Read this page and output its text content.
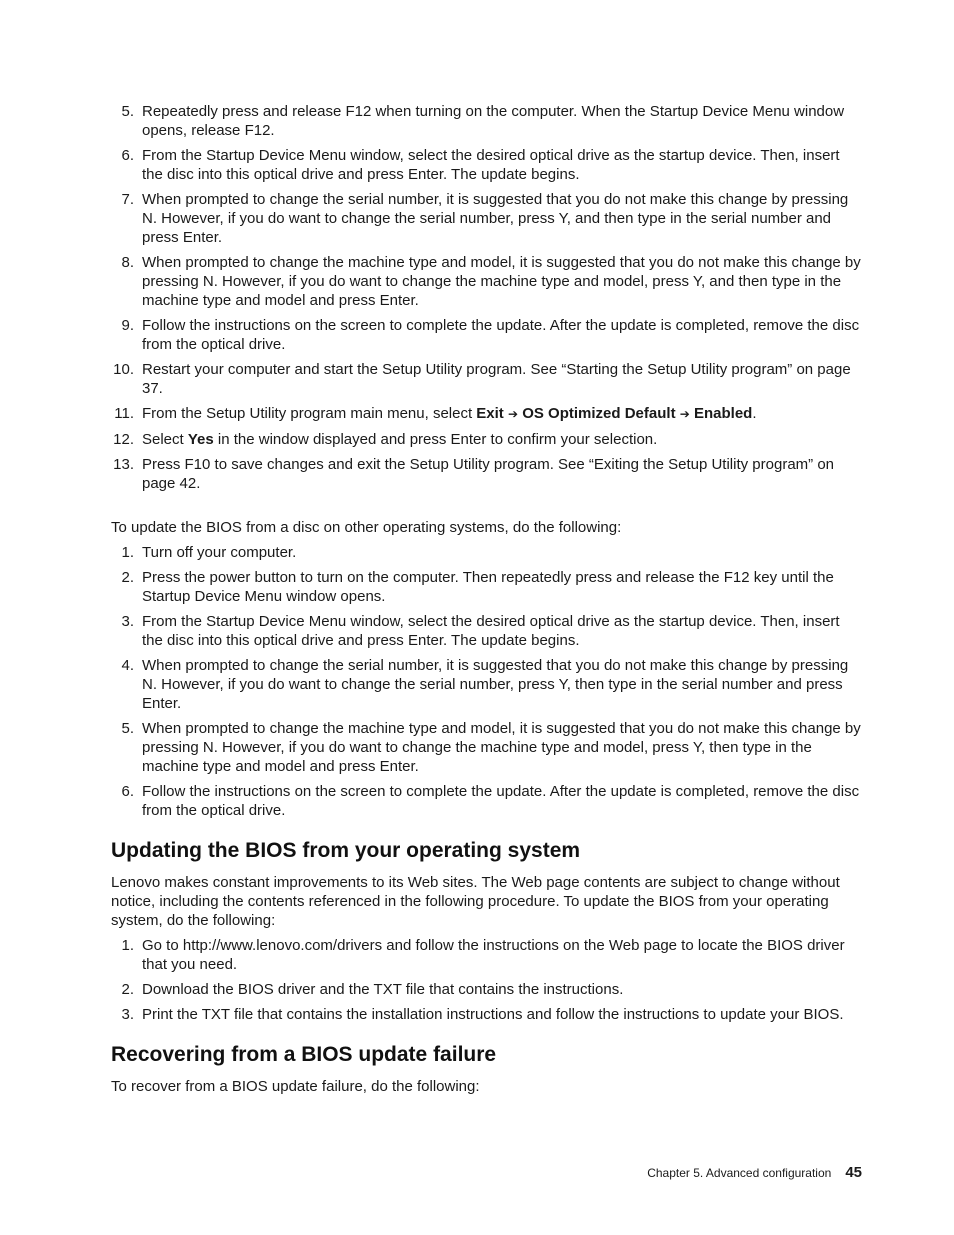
5. Repeatedly press and release F12 when turning on the computer. When the Startup Device Menu window opens, release F12.
6. From the Startup Device Menu window, select the desired optical drive as the startup device. Then, insert the disc into this optical drive and press Enter. The update begins.
7. When prompted to change the serial number, it is suggested that you do not make this change by pressing N. However, if you do want to change the serial number, press Y, and then type in the serial number and press Enter.
8. When prompted to change the machine type and model, it is suggested that you do not make this change by pressing N. However, if you do want to change the machine type and model, press Y, and then type in the machine type and model and press Enter.
9. Follow the instructions on the screen to complete the update. After the update is completed, remove the disc from the optical drive.
10. Restart your computer and start the Setup Utility program. See “Starting the Setup Utility program” on page 37.
11. From the Setup Utility program main menu, select Exit ➔ OS Optimized Default ➔ Enabled.
12. Select Yes in the window displayed and press Enter to confirm your selection.
13. Press F10 to save changes and exit the Setup Utility program. See “Exiting the Setup Utility program” on page 42.

To update the BIOS from a disc on other operating systems, do the following:

1. Turn off your computer.
2. Press the power button to turn on the computer. Then repeatedly press and release the F12 key until the Startup Device Menu window opens.
3. From the Startup Device Menu window, select the desired optical drive as the startup device. Then, insert the disc into this optical drive and press Enter. The update begins.
4. When prompted to change the serial number, it is suggested that you do not make this change by pressing N. However, if you do want to change the serial number, press Y, then type in the serial number and press Enter.
5. When prompted to change the machine type and model, it is suggested that you do not make this change by pressing N. However, if you do want to change the machine type and model, press Y, then type in the machine type and model and press Enter.
6. Follow the instructions on the screen to complete the update. After the update is completed, remove the disc from the optical drive.
Updating the BIOS from your operating system

Lenovo makes constant improvements to its Web sites. The Web page contents are subject to change without notice, including the contents referenced in the following procedure. To update the BIOS from your operating system, do the following:

1. Go to http://www.lenovo.com/drivers and follow the instructions on the Web page to locate the BIOS driver that you need.
2. Download the BIOS driver and the TXT file that contains the instructions.
3. Print the TXT file that contains the installation instructions and follow the instructions to update your BIOS.
Recovering from a BIOS update failure

To recover from a BIOS update failure, do the following:

Chapter 5. Advanced configuration 45
